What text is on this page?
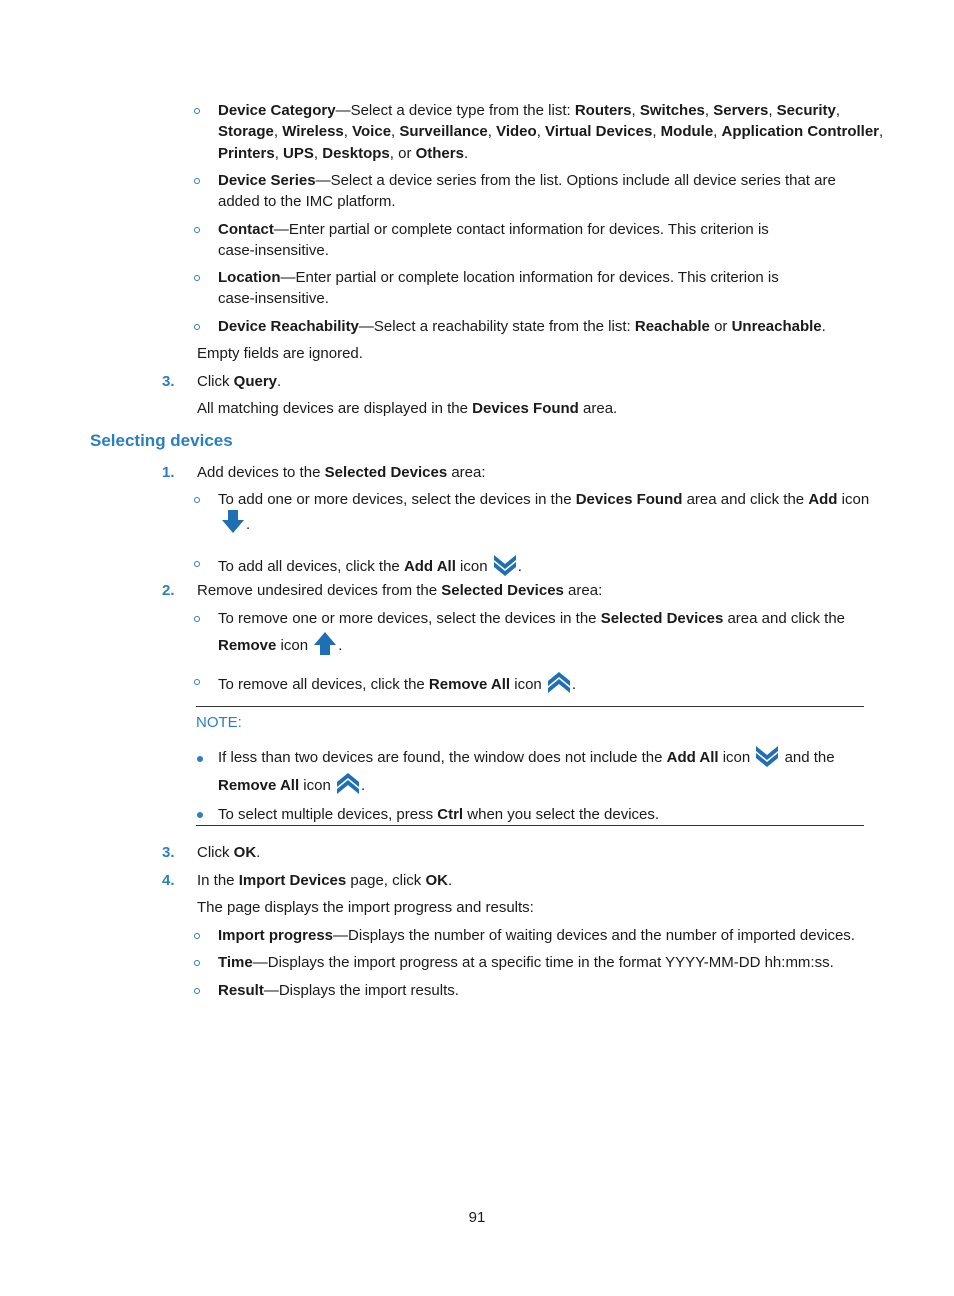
Device Category—Select a device type from the list: Routers, Switches, Servers, Security,
Storage, Wireless, Voice, Surveillance, Video, Virtual Devices, Module, Application Controller,
Printers, UPS, Desktops, or Others.
Device Series—Select a device series from the list. Options include all device series that are
added to the IMC platform.
Contact—Enter partial or complete contact information for devices. This criterion is
case-insensitive.
Location—Enter partial or complete location information for devices. This criterion is
case-insensitive.
Device Reachability—Select a reachability state from the list: Reachable or Unreachable.
Empty fields are ignored.
3. Click Query.
All matching devices are displayed in the Devices Found area.
Selecting devices
1. Add devices to the Selected Devices area:
To add one or more devices, select the devices in the Devices Found area and click the Add icon
.
To add all devices, click the Add All icon .
2. Remove undesired devices from the Selected Devices area:
To remove one or more devices, select the devices in the Selected Devices area and click the
Remove icon .
To remove all devices, click the Remove All icon .
NOTE:
If less than two devices are found, the window does not include the Add All icon  and the
Remove All icon .
To select multiple devices, press Ctrl when you select the devices.
3. Click OK.
4. In the Import Devices page, click OK.
The page displays the import progress and results:
Import progress—Displays the number of waiting devices and the number of imported devices.
Time—Displays the import progress at a specific time in the format YYYY-MM-DD hh:mm:ss.
Result—Displays the import results.
91
